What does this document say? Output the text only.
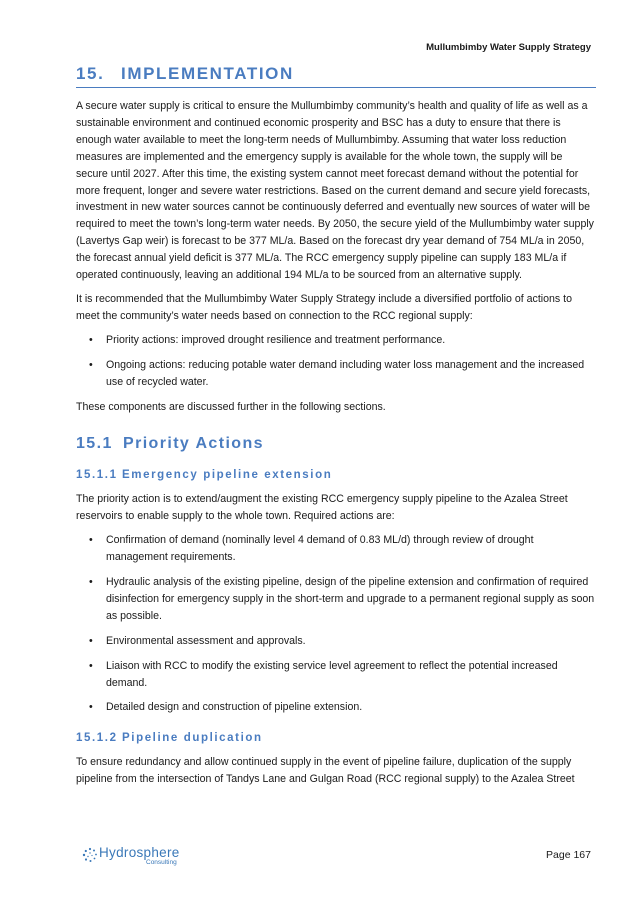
Mullumbimby Water Supply Strategy
15. IMPLEMENTATION

A secure water supply is critical to ensure the Mullumbimby community’s health and quality of life as well as a sustainable environment and continued economic prosperity and BSC has a duty to ensure that there is enough water available to meet the long-term needs of Mullumbimby. Assuming that water loss reduction measures are implemented and the emergency supply is available for the whole town, the supply will be secure until 2027. After this time, the existing system cannot meet forecast demand without the potential for more frequent, longer and severe water restrictions. Based on the current demand and secure yield forecasts, investment in new water sources cannot be continuously deferred and eventually new sources of water will be required to meet the town’s long-term water needs. By 2050, the secure yield of the Mullumbimby water supply (Lavertys Gap weir) is forecast to be 377 ML/a. Based on the forecast dry year demand of 754 ML/a in 2050, the forecast annual yield deficit is 377 ML/a. The RCC emergency supply pipeline can supply 183 ML/a if operated continuously, leaving an additional 194 ML/a to be sourced from an alternative supply.

It is recommended that the Mullumbimby Water Supply Strategy include a diversified portfolio of actions to meet the community’s water needs based on connection to the RCC regional supply:

• Priority actions: improved drought resilience and treatment performance.
• Ongoing actions: reducing potable water demand including water loss management and the increased use of recycled water.

These components are discussed further in the following sections.

15.1 Priority Actions
15.1.1 Emergency pipeline extension

The priority action is to extend/augment the existing RCC emergency supply pipeline to the Azalea Street reservoirs to enable supply to the whole town. Required actions are:

• Confirmation of demand (nominally level 4 demand of 0.83 ML/d) through review of drought management requirements.
• Hydraulic analysis of the existing pipeline, design of the pipeline extension and confirmation of required disinfection for emergency supply in the short-term and upgrade to a permanent regional supply as soon as possible.
• Environmental assessment and approvals.
• Liaison with RCC to modify the existing service level agreement to reflect the potential increased demand.
• Detailed design and construction of pipeline extension.
15.1.2 Pipeline duplication

To ensure redundancy and allow continued supply in the event of pipeline failure, duplication of the supply pipeline from the intersection of Tandys Lane and Gulgan Road (RCC regional supply) to the Azalea Street

Hydrosphere
Consulting
Page 167
